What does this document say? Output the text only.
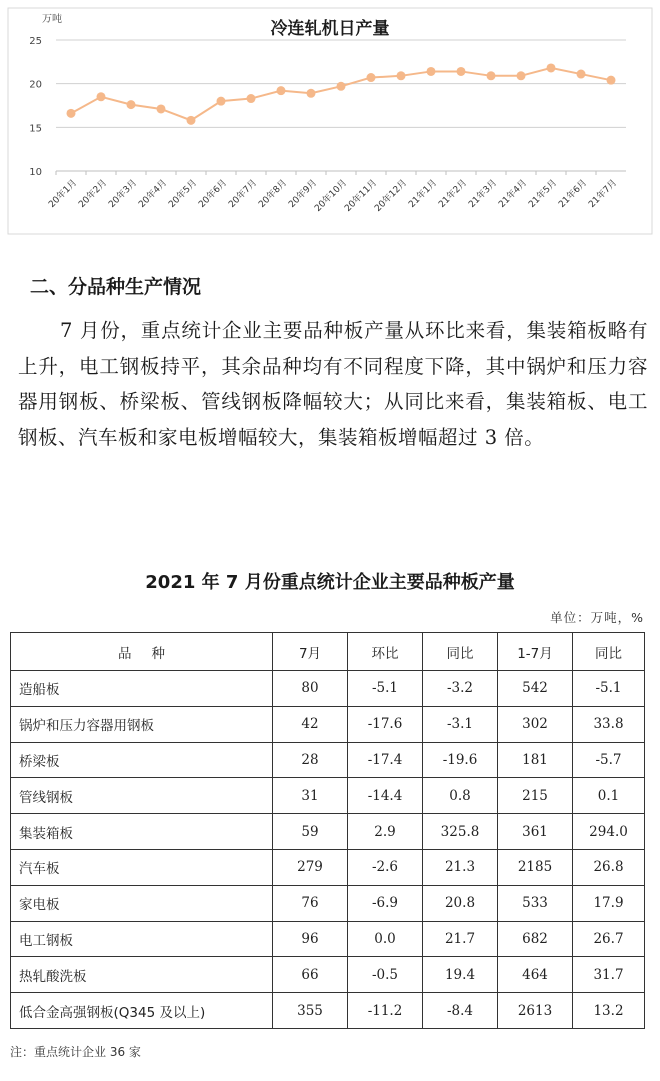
冷连轧机日产量
万吨
10
15
20
25
20年1月
20年2月
20年3月
20年4月
20年5月
20年6月
20年7月
20年8月
20年9月
20年10月
20年11月
20年12月
21年1月
21年2月
21年3月
21年4月
21年5月
21年6月
21年7月
二、分品种生产情况
7 月份，重点统计企业主要品种板产量从环比来看，集装箱板略有上升，电工钢板持平，其余品种均有不同程度下降，其中锅炉和压力容器用钢板、桥梁板、管线钢板降幅较大；从同比来看，集装箱板、电工钢板、汽车板和家电板增幅较大，集装箱板增幅超过 3 倍。
2021 年 7 月份重点统计企业主要品种板产量
单位：万吨，%
品种	7月	环比	同比	1-7月	同比
造船板	80	-5.1	-3.2	542	-5.1
锅炉和压力容器用钢板	42	-17.6	-3.1	302	33.8
桥梁板	28	-17.4	-19.6	181	-5.7
管线钢板	31	-14.4	0.8	215	0.1
集装箱板	59	2.9	325.8	361	294.0
汽车板	279	-2.6	21.3	2185	26.8
家电板	76	-6.9	20.8	533	17.9
电工钢板	96	0.0	21.7	682	26.7
热轧酸洗板	66	-0.5	19.4	464	31.7
低合金高强钢板(Q345 及以上)	355	-11.2	-8.4	2613	13.2
注：重点统计企业 36 家
